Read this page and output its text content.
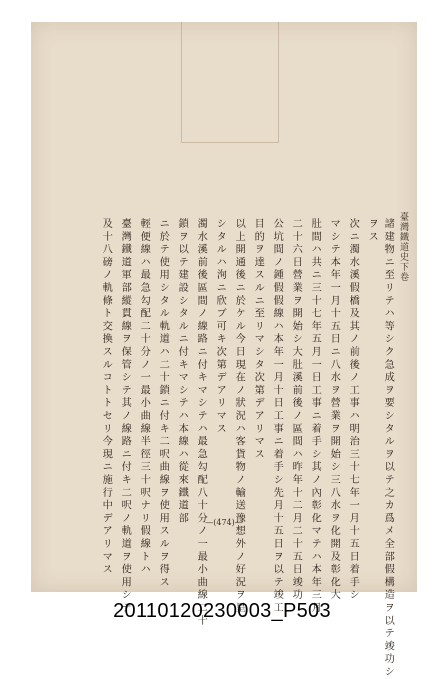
臺灣鐵道史下卷
諸建物ニ至リテハ等シク急成ヲ要シタルヲ以テ之カ爲メ全部假構造ヲ以テ竣功シ
ヲス
次ニ濁水溪假橋及其ノ前後ノ工事ハ明治三十七年一月十五日着手シ
マシテ本年一月十五日ニ八水ヲ營業ヲ開始シ三八水ヲ化開及彰化大
肚間ハ共ニ三十七年五月一日工事ニ着手シ其ノ內彰化マテハ本年三月
二十六日營業ヲ開始シ大肚溪前後ノ區間ハ昨年十二月二十五日竣功
公坑間ノ鍾假假線ハ本年一月十日工事ニ着手シ先月十五日ヲ以テ竣工
目的ヲ達スルニ至リマシタ次第デアリマス
以上開通後ニ於ケル今日現在ノ狀況ハ客貨物ノ輸送豫想外ノ好況ヲ呈
シタルハ洵ニ欣ブ可キ次第デアリマス
濁水溪前後區間ノ線路ニ付キマシテハ最急勾配八十分ノ一最小曲線二十
鎖ヲ以テ建設シタルニ付キマシテハ本線ハ從來鐵道部
ニ於テ使用シタル軌道ハ二十鎖ニ付キ二呎曲線ヲ使用スルヲ得ス
輕便線ハ最急勾配二十分ノ一最小曲線半徑三十呎ナリ假線トハ
臺灣鐵道軍部縱貫線ヲ保管シテ其ノ線路ニ付キ二呎ノ軌道ヲ使用シテ
及十八磅ノ軌條ト交換スルコトトセリ今現ニ施行中デアリマス	—(474)—
20110120230003_P503
